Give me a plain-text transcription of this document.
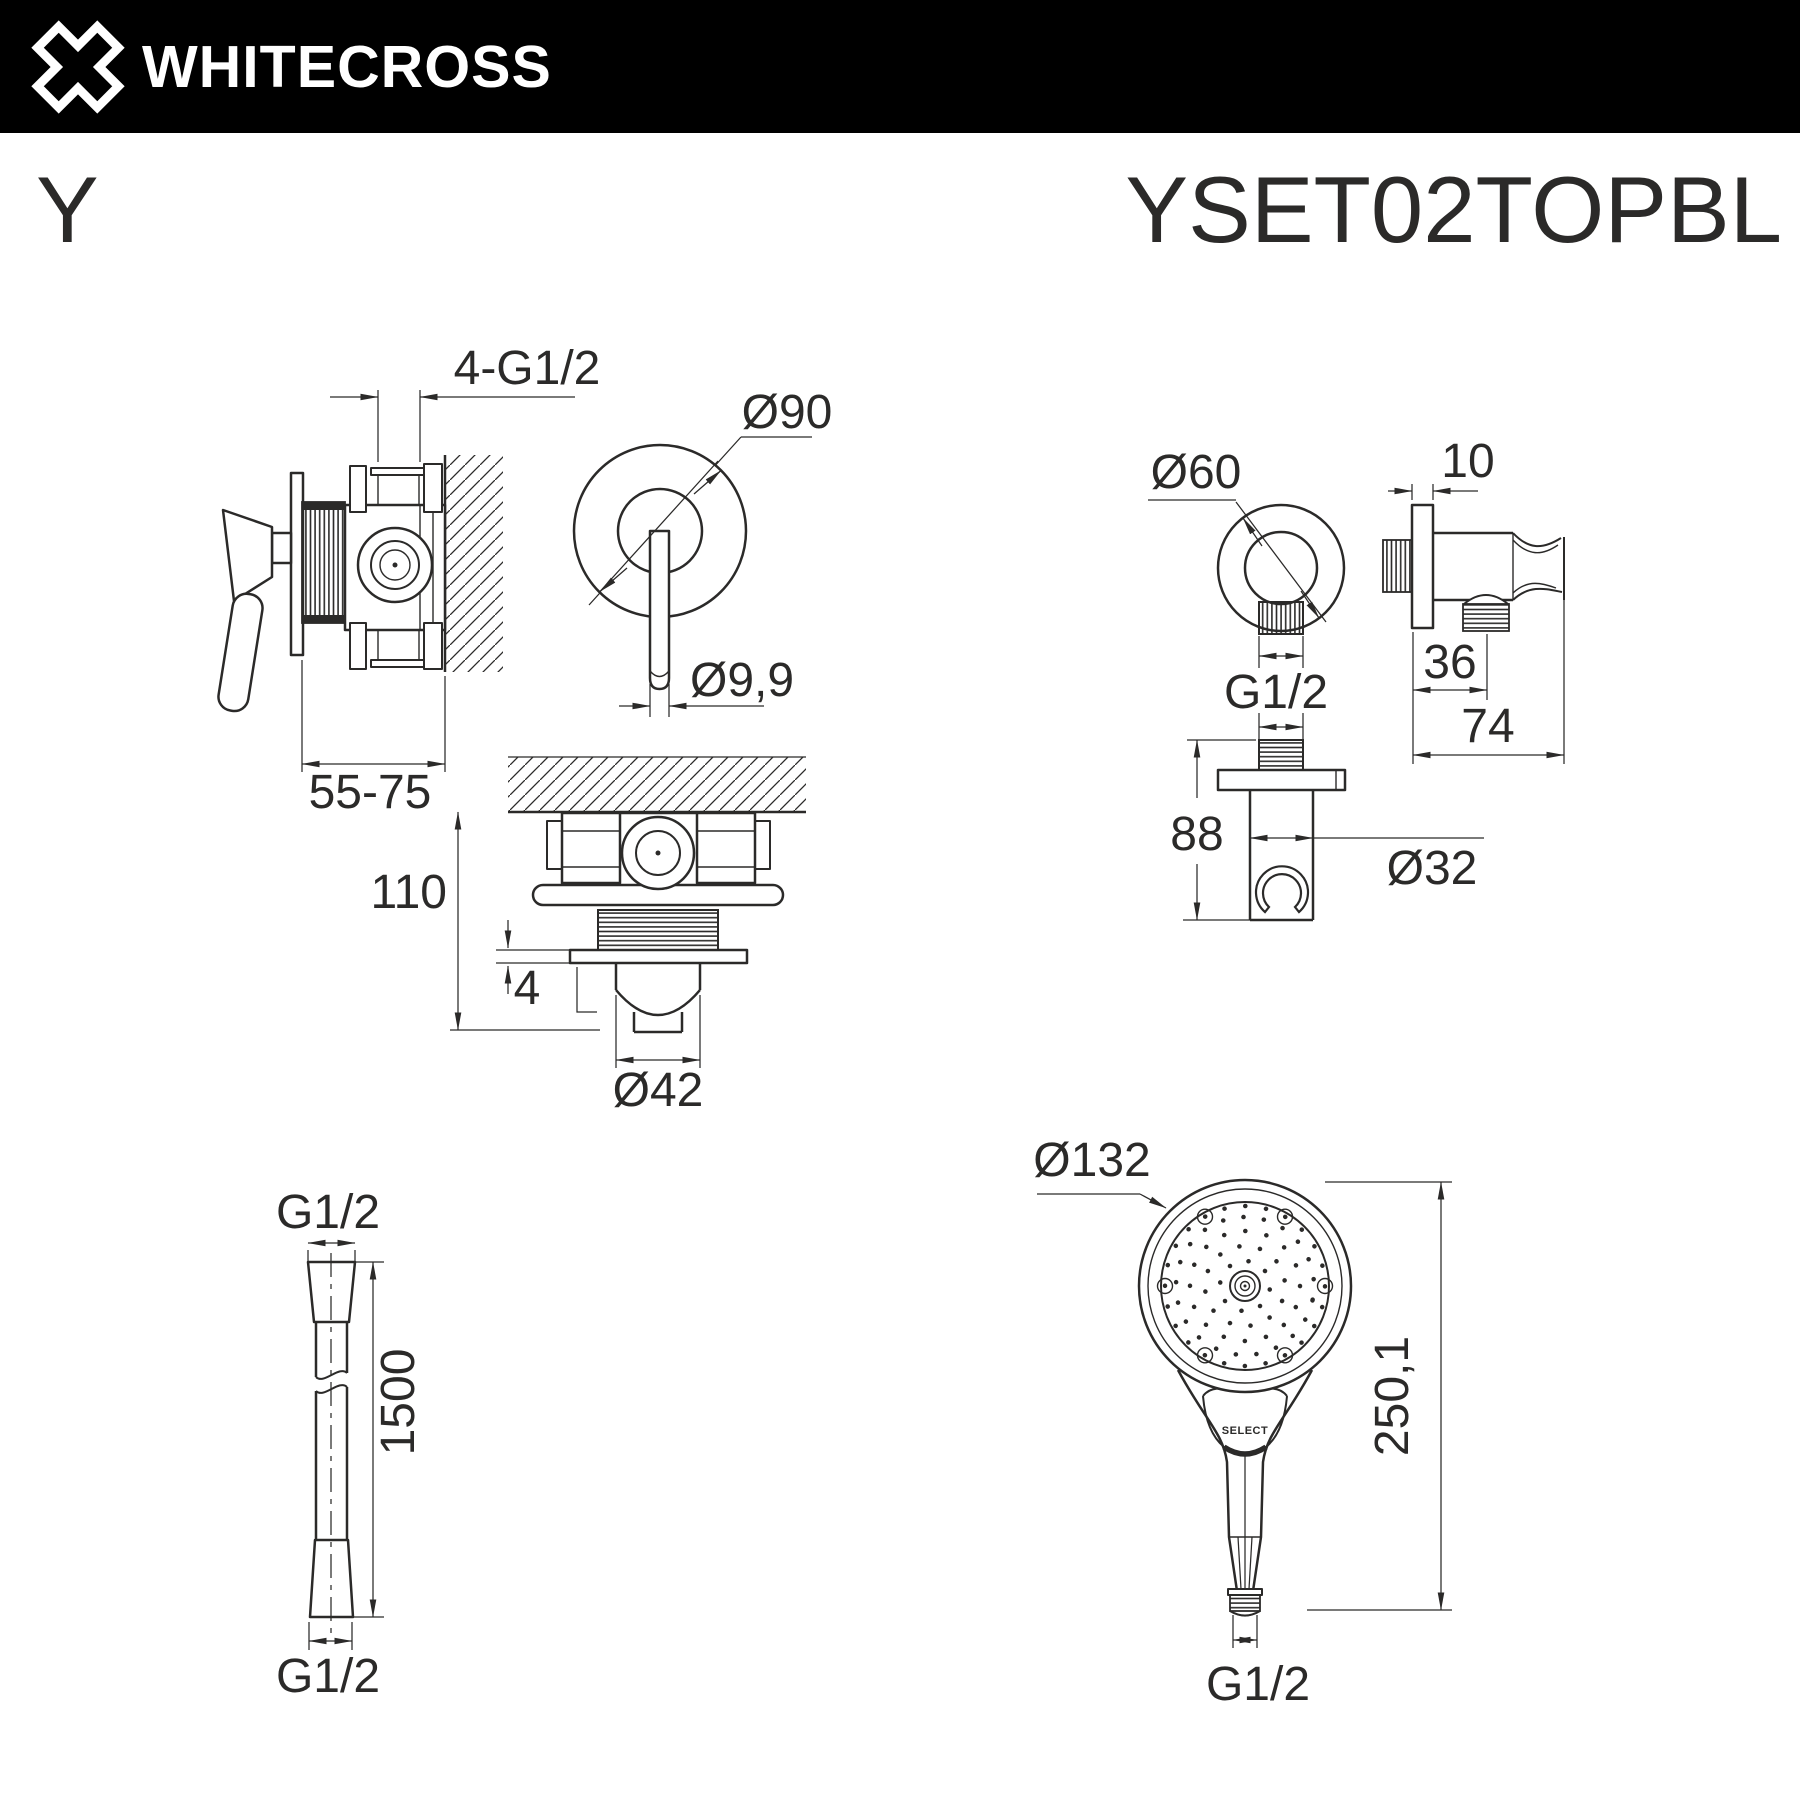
WHITECROSS
Y	YSET02TOPBL
4-G1/2
55-75
Ø90
Ø9,9
110
4
Ø42
Ø60
G1/2
10
36
74
88
Ø32
G1/2
1500
G1/2
SELECT
Ø132
250,1
G1/2
